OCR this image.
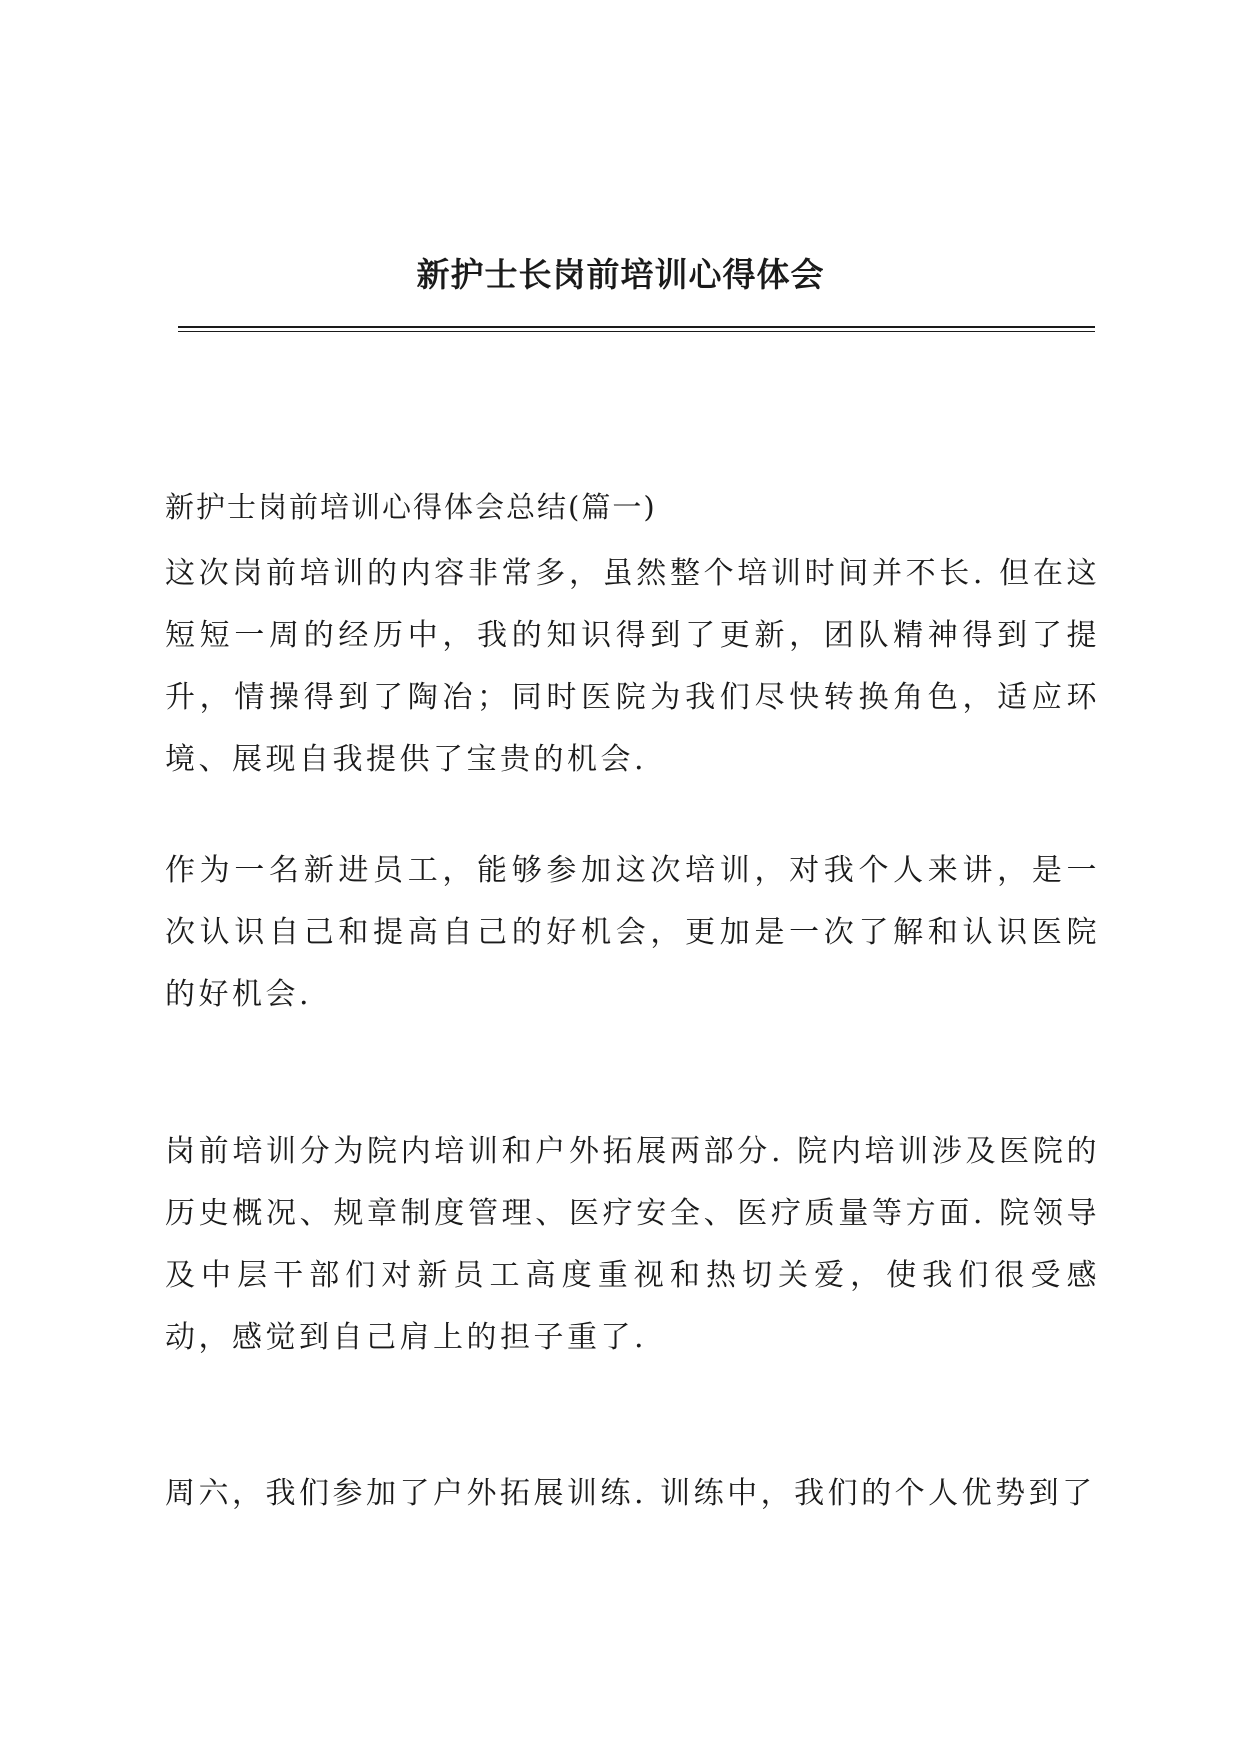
新护士长岗前培训心得体会
新护士岗前培训心得体会总结(篇一)

这次岗前培训的内容非常多，虽然整个培训时间并不长. 但在这短短一周的经历中，我的知识得到了更新，团队精神得到了提升，情操得到了陶冶；同时医院为我们尽快转换角色，适应环境、展现自我提供了宝贵的机会.

作为一名新进员工，能够参加这次培训，对我个人来讲，是一次认识自己和提高自己的好机会，更加是一次了解和认识医院的好机会.

岗前培训分为院内培训和户外拓展两部分. 院内培训涉及医院的历史概况、规章制度管理、医疗安全、医疗质量等方面. 院领导及中层干部们对新员工高度重视和热切关爱，使我们很受感动，感觉到自己肩上的担子重了.

周六，我们参加了户外拓展训练. 训练中，我们的个人优势到了
